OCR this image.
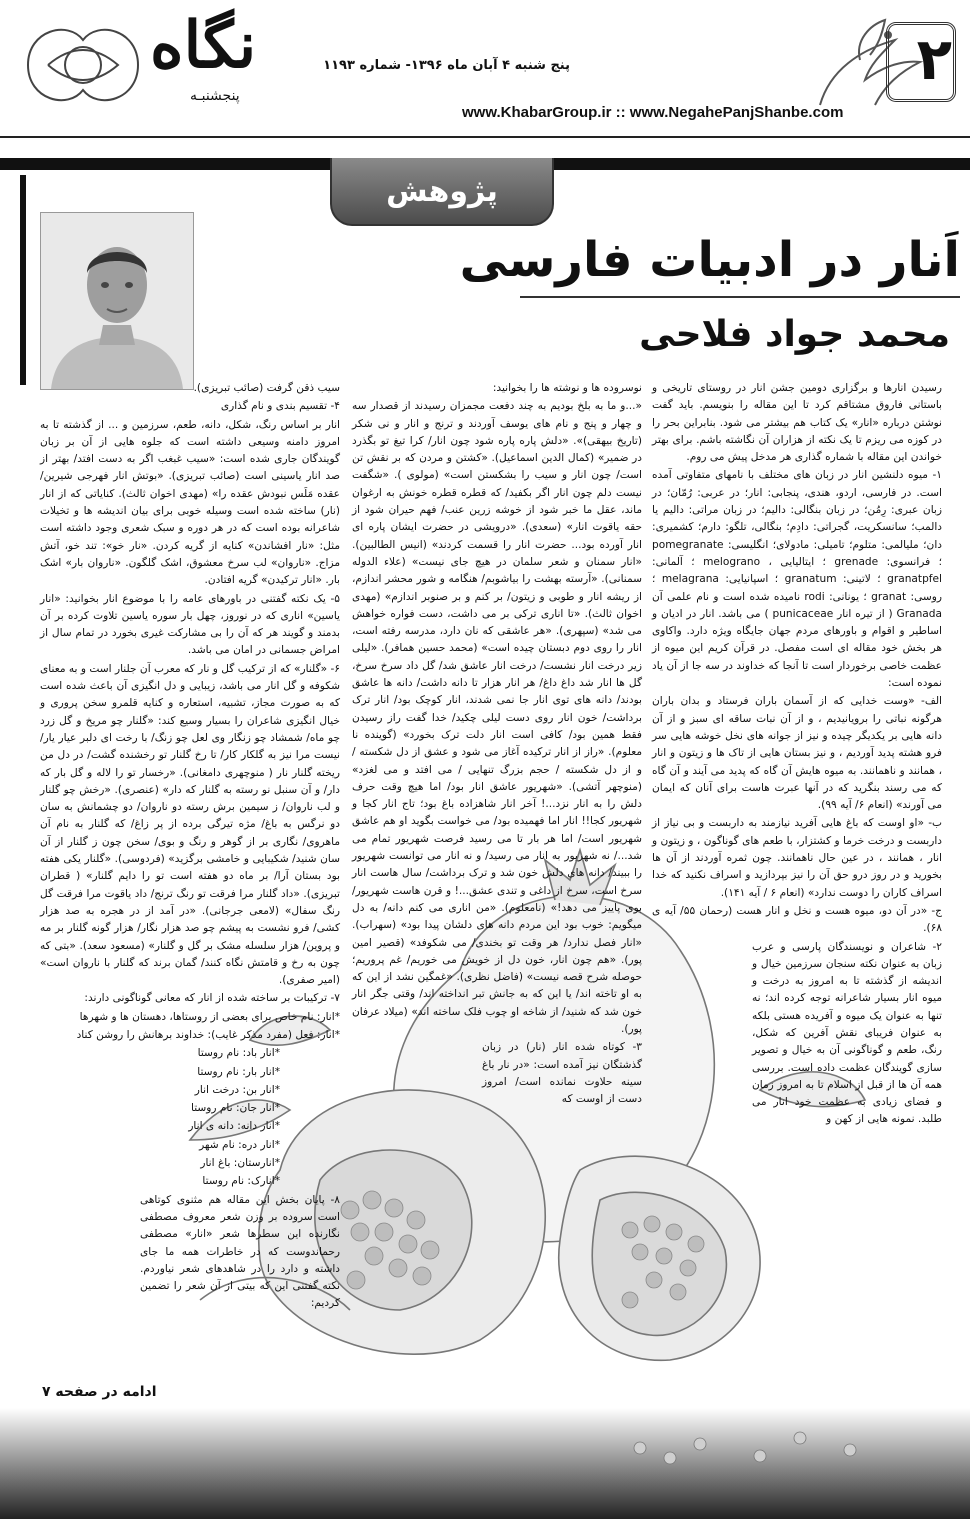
نگاه
پنجشنبـه
پنج شنبه ۴ آبان ماه ۱۳۹۶- شماره ۱۱۹۳
www.KhabarGroup.ir :: www.NegahePanjShanbe.com
۲
پژوهش
اَنار در ادبیات فارسی
محمد جواد فلاحی

رسیدن انارها و برگزاری دومین جشن انار در روستای تاریخی و باستانی فاروق مشتاقم کرد تا این مقاله را بنویسم. باید گفت نوشتن درباره «انار» یک کتاب هم بیشتر می شود. بنابراین بحر را در کوزه می ریزم تا یک نکته از هزاران آن نگاشته باشم. برای بهتر خواندن این مقاله با شماره گذاری هر مدخل پیش می روم.

۱- میوه دلنشین انار در زبان های مختلف با نامهای متفاوتی آمده است. در فارسی، اردو، هندی، پنجابی: انار؛ در عربی: رُمّان؛ در زبان عبری: رِمُن؛ در زبان بنگالی: دالیم؛ در زبان مراتی: دالیم یا دالمب؛ سانسکریت، گجراتی: دادِم؛ بنگالی، تلگو: دارم؛ کشمیری: دان؛ ملیالمی: متلوم؛ تامیلی: مادولای؛ انگلیسی: pomegranate ؛ فرانسوی: grenade ؛ ایتالیایی ، melograno ؛ آلمانی: granatpfel ؛ لاتینی: granatum ؛ اسپانیایی: melagrana ؛ روسی: granat ؛ یونانی: rodi نامیده شده است و نام علمی آن Granada ( از تیره انار punicaceae ) می باشد. انار در ادیان و اساطیر و اقوام و باورهای مردم جهان جایگاه ویژه دارد. واکاوی هر بخش خود مقاله ای است مفصل. در قرآن کریم این میوه از عظمت خاصی برخوردار است تا آنجا که خداوند در سه جا از آن یاد نموده است:

الف- «وست خدایی که از آسمان باران فرستاد و بدان باران هرگونه نباتی را برویانیدیم ، و از آن نبات ساقه ای سبز و از آن دانه هایی بر یکدیگر چیده و نیز از جوانه های نخل خوشه هایی سر فرو هشته پدید آوردیم ، و نیز بستان هایی از تاک ها و زیتون و انار ، همانند و ناهمانند. به میوه هایش آن گاه که پدید می آیند و آن گاه که می رسند بنگرید که در آنها عبرت هاست برای آنان که ایمان می آورند» (انعام ۶/ آیه ۹۹).

ب- «او اوست که باغ هایی آفرید نیازمند به داربست و بی نیاز از داربست و درخت خرما و کشتزار، با طعم های گوناگون ، و زیتون و انار ، همانند ، در عین حال ناهمانند. چون ثمره آوردند از آن ها بخورید و در روز درو حق آن را نیز بپردازید و اسراف نکنید که خدا اسراف کاران را دوست ندارد» (انعام ۶ / آیه ۱۴۱).

ج- «در آن دو، میوه هست و نخل و انار هست (رحمان ۵۵/ آیه ی ۶۸).

۲- شاعران و نویسندگان پارسی و عرب زبان به عنوان نکته سنجان سرزمین خیال و اندیشه از گذشته تا به امروز به درخت و میوه انار بسیار شاعرانه توجه کرده اند؛ نه تنها به عنوان یک میوه و آفریده هستی بلکه به عنوان فریبای نقش آفرین که شکل، رنگ، طعم و گوناگونی آن به خیال و تصویر سازی گویندگان عظمت داده است. بررسی همه آن ها از قبل از اسلام تا به امروز زمان و فضای زیادی به عظمت خود انار می طلبد. نمونه هایی از کهن و

نوسروده ها و نوشته ها را بخوانید:

«...و ما به بلخ بودیم به چند دفعت مجمزان رسیدند از قصدار سه و چهار و پنج و نام های یوسف آوردند و ترنج و انار و نی شکر (تاریخ بیهقی)». «دلش پاره پاره شود چون انار/ کرا تیغ تو بگذرد در ضمیر» (کمال الدین اسماعیل). «کشتن و مردن که بر نقش تن است/ چون انار و سیب را بشکستن است» (مولوی ). «شگفت نیست دلم چون انار اگر بکفید/ که قطره قطره خونش به ارغوان ماند، عقل ما خبر شود از خوشه زرین عنب/ فهم حیران شود از حقه یاقوت انار» (سعدی). «درویشی در حضرت ایشان پاره ای انار آورده بود... حضرت انار را قسمت کردند» (انیس الطالبین). «انار سمنان و شعر سلمان در هیچ جای نیست» (علاء الدوله سمنانی). «آرسته بهشت را بیاشوبم/ هنگامه و شور محشر اندازم، از ریشه انار و طوبی و زیتون/ بر کنم و بر صنوبر اندازم» (مهدی اخوان ثالث). «تا اناری ترکی بر می داشت، دست فواره خواهش می شد» (سپهری). «هر عاشقی که نان دارد، مدرسه رفته است، انار را روی دوم دبستان چیده است» (محمد حسین همافر). «لیلی زیر درخت انار نشست/ درخت انار عاشق شد/ گل داد سرخ سرخ، گل ها انار شد داغ داغ/ هر انار هزار تا دانه داشت/ دانه ها عاشق بودند/ دانه های توی انار جا نمی شدند، انار کوچک بود/ انار ترک برداشت/ خون انار روی دست لیلی چکید/ خدا گفت راز رسیدن فقط همین بود/ کافی است انار دلت ترک بخورد» (گوینده نا معلوم). «راز از انار ترکیده آغاز می شود و عشق از دل شکسته / و از دل شکسته / حجم بزرگ تنهایی / می افتد و می لغزد» (منوچهر آتشی). «شهریور عاشق انار بود/ اما هیچ وقت حرف دلش را به انار نزد...! آخر انار شاهزاده باغ بود؛ تاج انار کجا و شهریور کجا!! انار اما فهمیده بود/ می خواست بگوید او هم عاشق شهریور است/ اما هر بار تا می رسید فرصت شهریور تمام می شد.../ نه شهریور به انار می رسید/ و نه انار می توانست شهریور را ببیند/ دانه های دلش خون شد و ترک برداشت/ سال هاست انار سرخ است، سرخ از داغی و تندی عشق...! و قرن هاست شهریور/ بوی پاییز می دهد!» (نامعلوم). «من اناری می کنم دانه/ به دل میگویم: خوب بود این مردم دانه های دلشان پیدا بود» (سهراب). «انار فصل ندارد/ هر وقت تو بخندی/ می شکوفد» (قصیر امین پور). «هم چون انار، خون دل از خویش می خوریم/ غم پروریم؛ حوصله شرح قصه نیست» (فاضل نظری). «غمگین نشد از این که به او تاخته اند/ یا این که به جانش تبر انداخته اند/ وقتی جگر انار خون شد که شنید/ از شاخه او چوب فلک ساخته اند» (میلاد عرفان پور).

۳- کوتاه شده انار (نار) در زبان گذشتگان نیز آمده است: «در نار باغ سینه حلاوت نمانده است/ امروز دست از اوست که

سیب ذقن گرفت (صائب تبریزی).

۴- تقسیم بندی و نام گذاری

انار بر اساس رنگ، شکل، دانه، طعم، سرزمین و ... از گذشته تا به امروز دامنه وسیعی داشته است که جلوه هایی از آن بر زبان گویندگان جاری شده است: «سیب غبغب اگر به دست افتد/ بهتر از صد انار یاسینی است (صائب تبریزی). «بوتش انار فهرجی شیرین/ عقده مَلَس نبودش عقده را» (مهدی اخوان ثالث). کنایاتی که از انار (نار) ساخته شده است وسیله خوبی برای بیان اندیشه ها و تخیلات شاعرانه بوده است که در هر دوره و سبک شعری وجود داشته است مثل: «نار افشاندن» کنایه از گریه کردن. «نار خو»: تند خو، آتش مزاج. «ناروان» لب سرخ معشوق، اشک گلگون. «ناروان بار» اشک بار. «انار ترکیدن» گریه افتادن.

۵- یک نکته گفتنی در باورهای عامه را با موضوع انار بخوانید: «انار یاسین» اناری که در نوروز، چهل بار سوره یاسین تلاوت کرده بر آن بدمند و گویند هر که آن را بی مشارکت غیری بخورد در تمام سال از امراض جسمانی در امان می باشد.

۶- «گلنار» که از ترکیب گل و نار که معرب آن جلنار است و به معنای شکوفه و گل انار می باشد، زیبایی و دل انگیزی آن باعث شده است که به صورت مجاز، تشبیه، استعاره و کنایه قلمرو سخن پروری و خیال انگیزی شاعران را بسیار وسیع کند: «گلنار چو مریخ و گل زرد چو ماه/ شمشاد چو زنگار وی لعل چو زنگ/ با رخت ای دلبر عیار یار/ نیست مرا نیز به گلکار کار/ تا رخ گلنار تو رخشنده گشت/ در دل من ریخته گلنار نار ( منوچهری دامغانی). «رخسار تو را لاله و گل بار که دار/ و آن سنبل نو رسته به گلنار که دار» (عنصری). «رخش چو گلنار و لب ناروان/ ز سیمین برش رسته دو ناروان/ دو چشمانش به سان دو نرگس به باغ/ مژه تیرگی برده از پر زاغ/ که گلنار به نام آن ماهروی/ نگاری بر از گوهر و رنگ و بوی/ سخن چون ز گلنار از آن سان شنید/ شکیبایی و خامشی برگزید» (فردوسی). «گلنار یکی هفته بود بستان آرا/ بر ماه دو هفته است تو را دایم گلنار» ( قطران تبریزی). «داد گلنار مرا فرقت تو رنگ ترنج/ داد یاقوت مرا فرقت گل رنگ سفال» (لامعی جرجانی). «در آمد از در هجره به صد هزار کشی/ فرو نشست به پیشم چو صد هزار نگار/ هزار گونه گلنار بر مه و پروین/ هزار سلسله مشک بر گل و گلنار» (مسعود سعد). «بتی که چون به رخ و قامتش نگاه کنند/ گمان برند که گلنار با ناروان است» (امیر صفری).

۷- ترکیبات بر ساخته شده از انار که معانی گوناگونی دارند:

*انار: نام خاص برای بعضی از روستاها، دهستان ها و شهرها

*انار: فعل (مفرد مذکر غایب): خداوند برهانش را روشن کناد

*انار باد: نام روستا

*انار بار: نام روستا

*انار بن: درخت انار

*انار جان: نام روستا

*انار دانه: دانه ی انار

*انار دره: نام شهر

*انارستان: باغ انار

*انارک: نام روستا

۸- پایان بخش این مقاله هم مثنوی کوتاهی است سروده بر وزن شعر معروف مصطفی نگارنده این سطرها شعر «انار» مصطفی رحماندوست که در خاطرات همه ما جای داشته و دارد را در شاهدهای شعر نیاوردم. نکته گفتنی این که بیتی از آن شعر را تضمین کردیم:

ادامه در صفحه ۷
